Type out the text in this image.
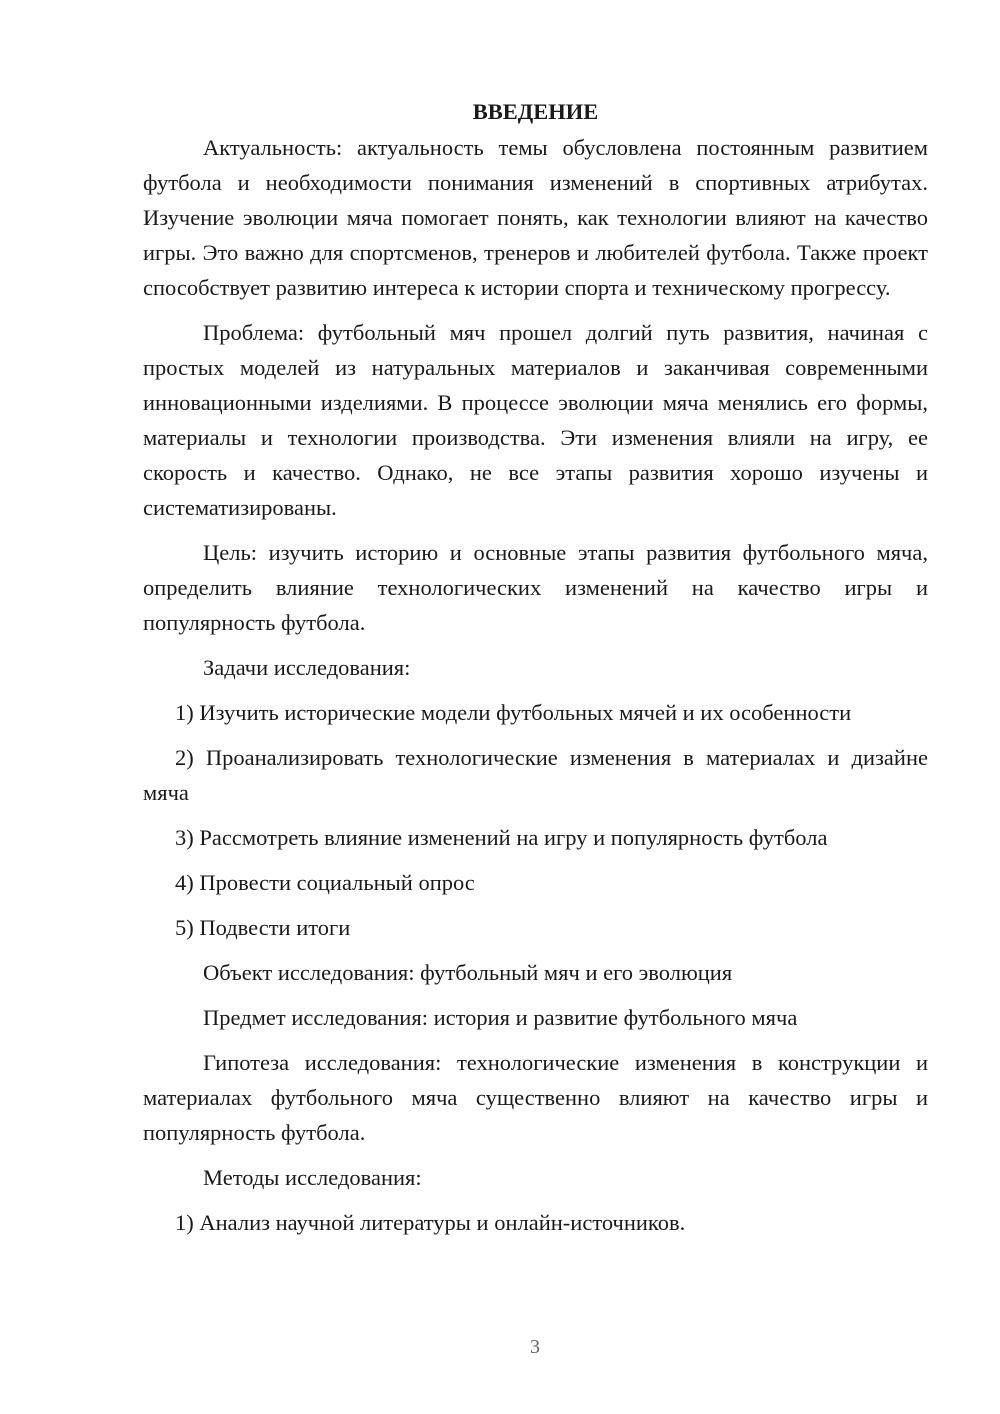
ВВЕДЕНИЕ

Актуальность: актуальность темы обусловлена постоянным развитием футбола и необходимости понимания изменений в спортивных атрибутах. Изучение эволюции мяча помогает понять, как технологии влияют на качество игры. Это важно для спортсменов, тренеров и любителей футбола. Также проект способствует развитию интереса к истории спорта и техническому прогрессу.

Проблема: футбольный мяч прошел долгий путь развития, начиная с простых моделей из натуральных материалов и заканчивая современными инновационными изделиями. В процессе эволюции мяча менялись его формы, материалы и технологии производства. Эти изменения влияли на игру, ее скорость и качество. Однако, не все этапы развития хорошо изучены и систематизированы.

Цель: изучить историю и основные этапы развития футбольного мяча, определить влияние технологических изменений на качество игры и популярность футбола.

Задачи исследования:

1) Изучить исторические модели футбольных мячей и их особенности

2) Проанализировать технологические изменения в материалах и дизайне мяча

3) Рассмотреть влияние изменений на игру и популярность футбола

4) Провести социальный опрос

5) Подвести итоги

Объект исследования: футбольный мяч и его эволюция

Предмет исследования: история и развитие футбольного мяча

Гипотеза исследования: технологические изменения в конструкции и материалах футбольного мяча существенно влияют на качество игры и популярность футбола.

Методы исследования:

1) Анализ научной литературы и онлайн-источников.

3
